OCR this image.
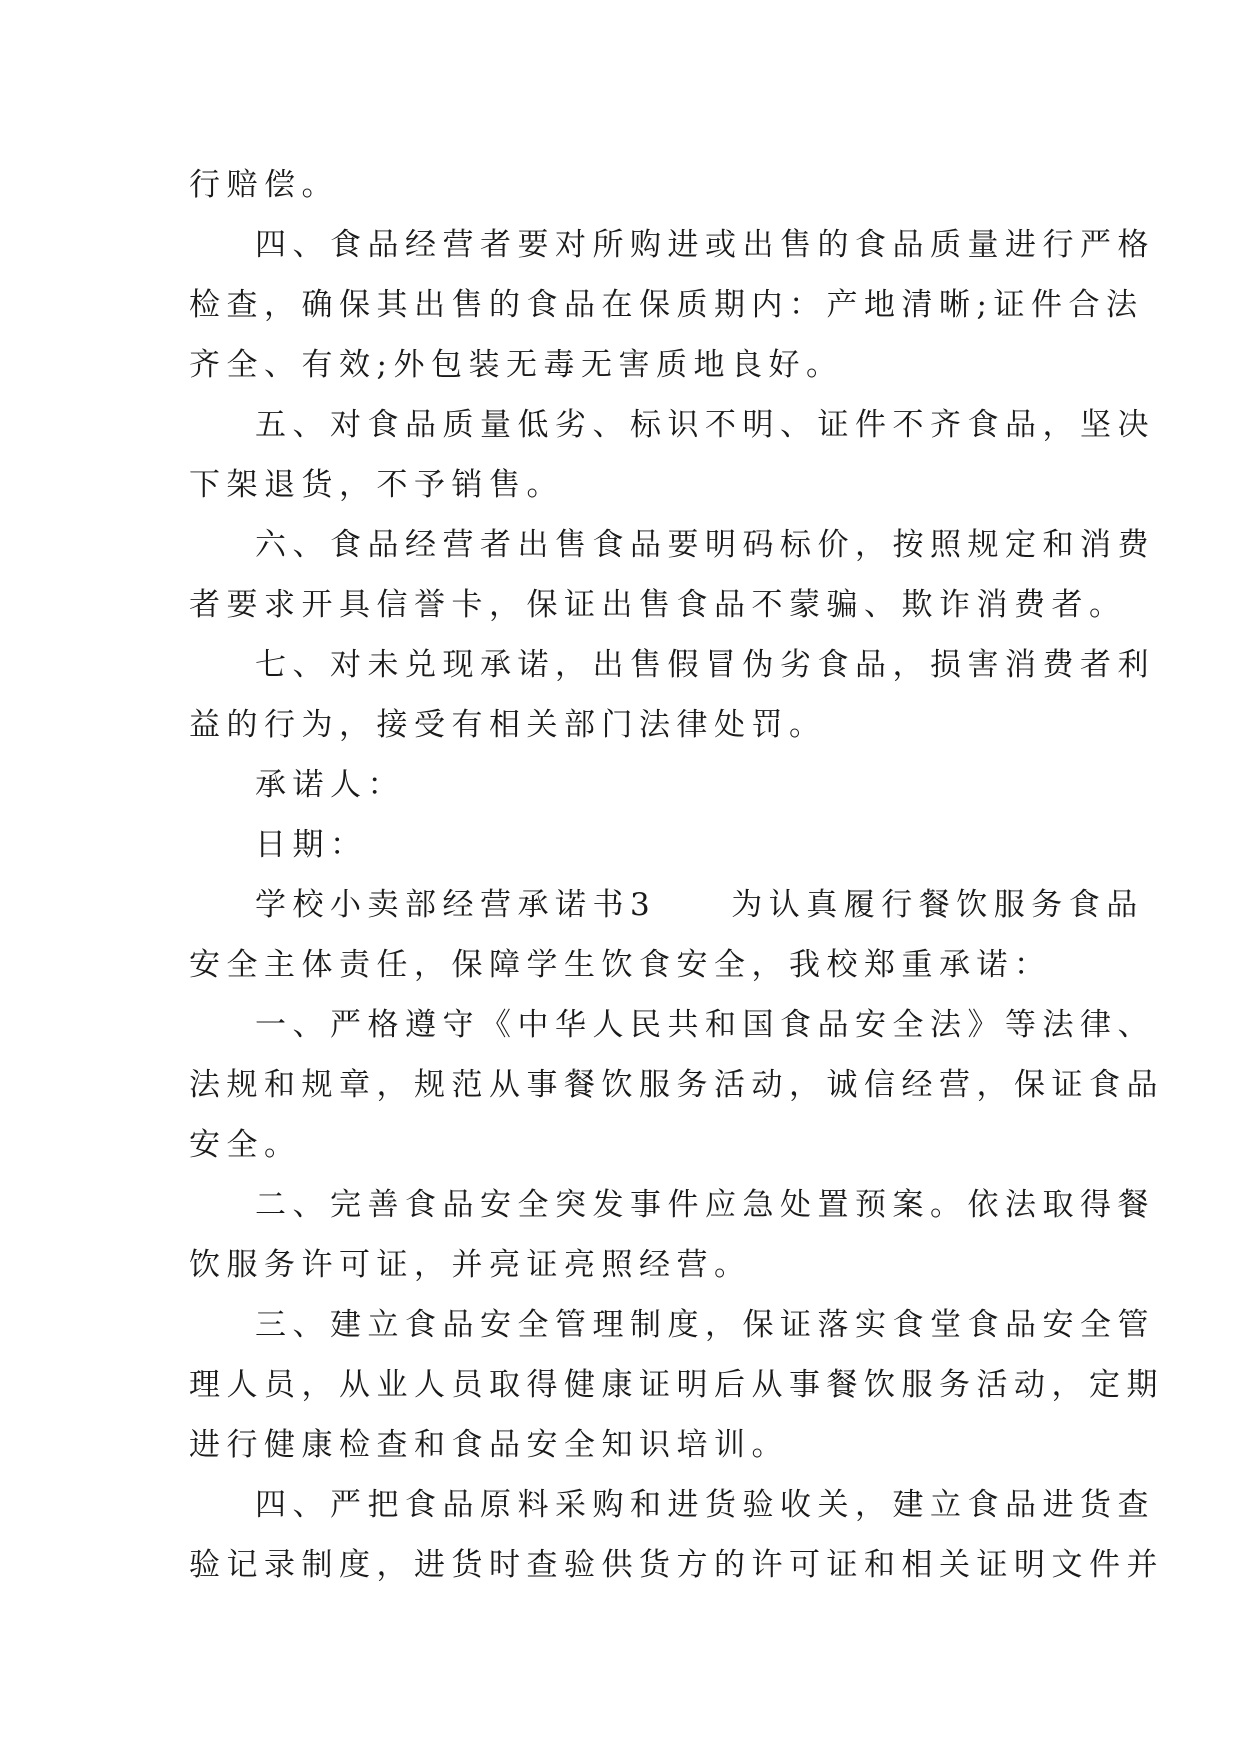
行赔偿。
四、食品经营者要对所购进或出售的食品质量进行严格
检查，确保其出售的食品在保质期内：产地清晰;证件合法
齐全、有效;外包装无毒无害质地良好。
五、对食品质量低劣、标识不明、证件不齐食品，坚决
下架退货，不予销售。
六、食品经营者出售食品要明码标价，按照规定和消费
者要求开具信誉卡，保证出售食品不蒙骗、欺诈消费者。
七、对未兑现承诺，出售假冒伪劣食品，损害消费者利
益的行为，接受有相关部门法律处罚。
承诺人：
日期：
学校小卖部经营承诺书3　　为认真履行餐饮服务食品
安全主体责任，保障学生饮食安全，我校郑重承诺：
一、严格遵守《中华人民共和国食品安全法》等法律、
法规和规章，规范从事餐饮服务活动，诚信经营，保证食品
安全。
二、完善食品安全突发事件应急处置预案。依法取得餐
饮服务许可证，并亮证亮照经营。
三、建立食品安全管理制度，保证落实食堂食品安全管
理人员，从业人员取得健康证明后从事餐饮服务活动，定期
进行健康检查和食品安全知识培训。
四、严把食品原料采购和进货验收关，建立食品进货查
验记录制度，进货时查验供货方的许可证和相关证明文件并
